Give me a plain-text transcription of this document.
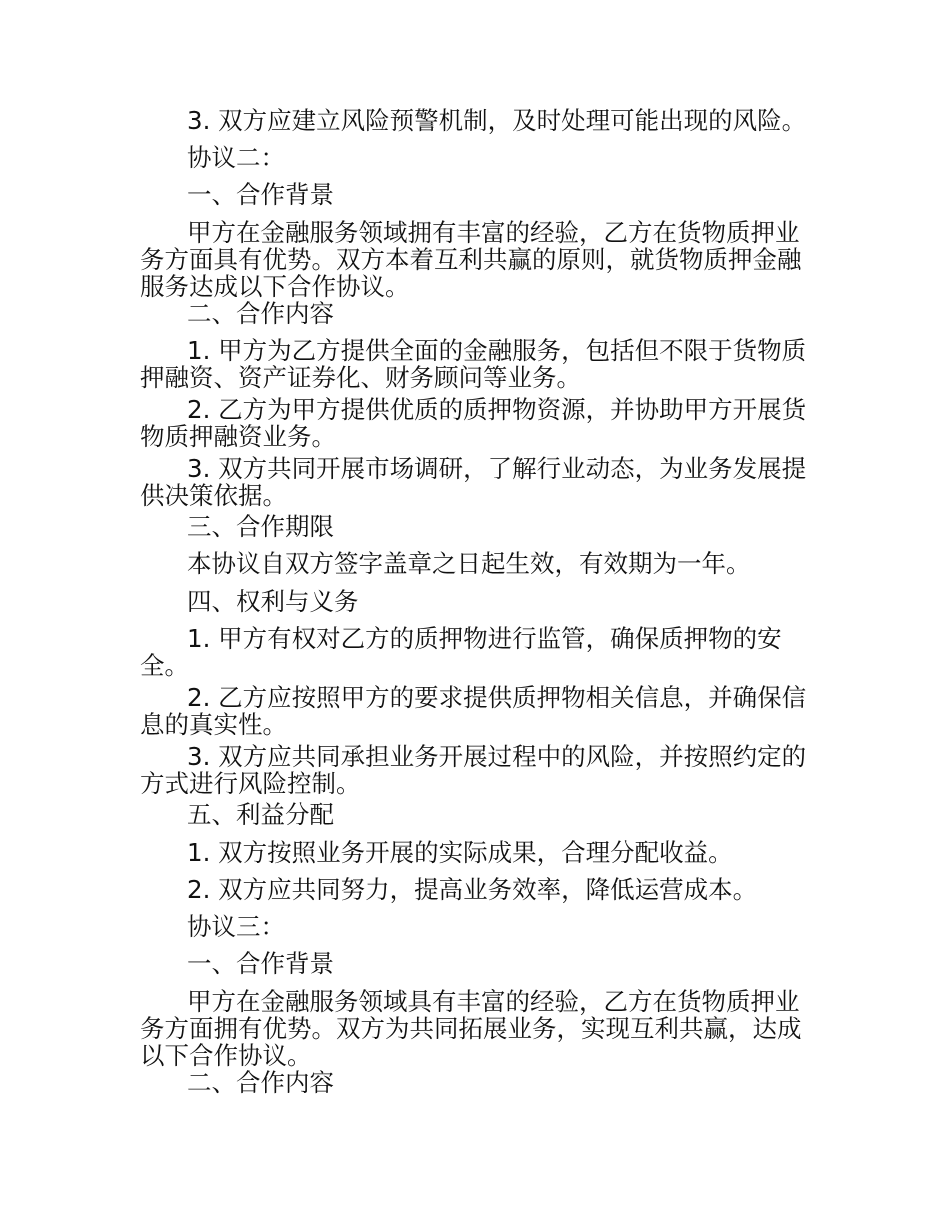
3. 双方应建立风险预警机制，及时处理可能出现的风险。

协议二：

一、合作背景

甲方在金融服务领域拥有丰富的经验，乙方在货物质押业务方面具有优势。双方本着互利共赢的原则，就货物质押金融服务达成以下合作协议。

二、合作内容

1. 甲方为乙方提供全面的金融服务，包括但不限于货物质押融资、资产证券化、财务顾问等业务。

2. 乙方为甲方提供优质的质押物资源，并协助甲方开展货物质押融资业务。

3. 双方共同开展市场调研，了解行业动态，为业务发展提供决策依据。

三、合作期限

本协议自双方签字盖章之日起生效，有效期为一年。

四、权利与义务

1. 甲方有权对乙方的质押物进行监管，确保质押物的安全。

2. 乙方应按照甲方的要求提供质押物相关信息，并确保信息的真实性。

3. 双方应共同承担业务开展过程中的风险，并按照约定的方式进行风险控制。

五、利益分配

1. 双方按照业务开展的实际成果，合理分配收益。

2. 双方应共同努力，提高业务效率，降低运营成本。

协议三：

一、合作背景

甲方在金融服务领域具有丰富的经验，乙方在货物质押业务方面拥有优势。双方为共同拓展业务，实现互利共赢，达成以下合作协议。

二、合作内容
